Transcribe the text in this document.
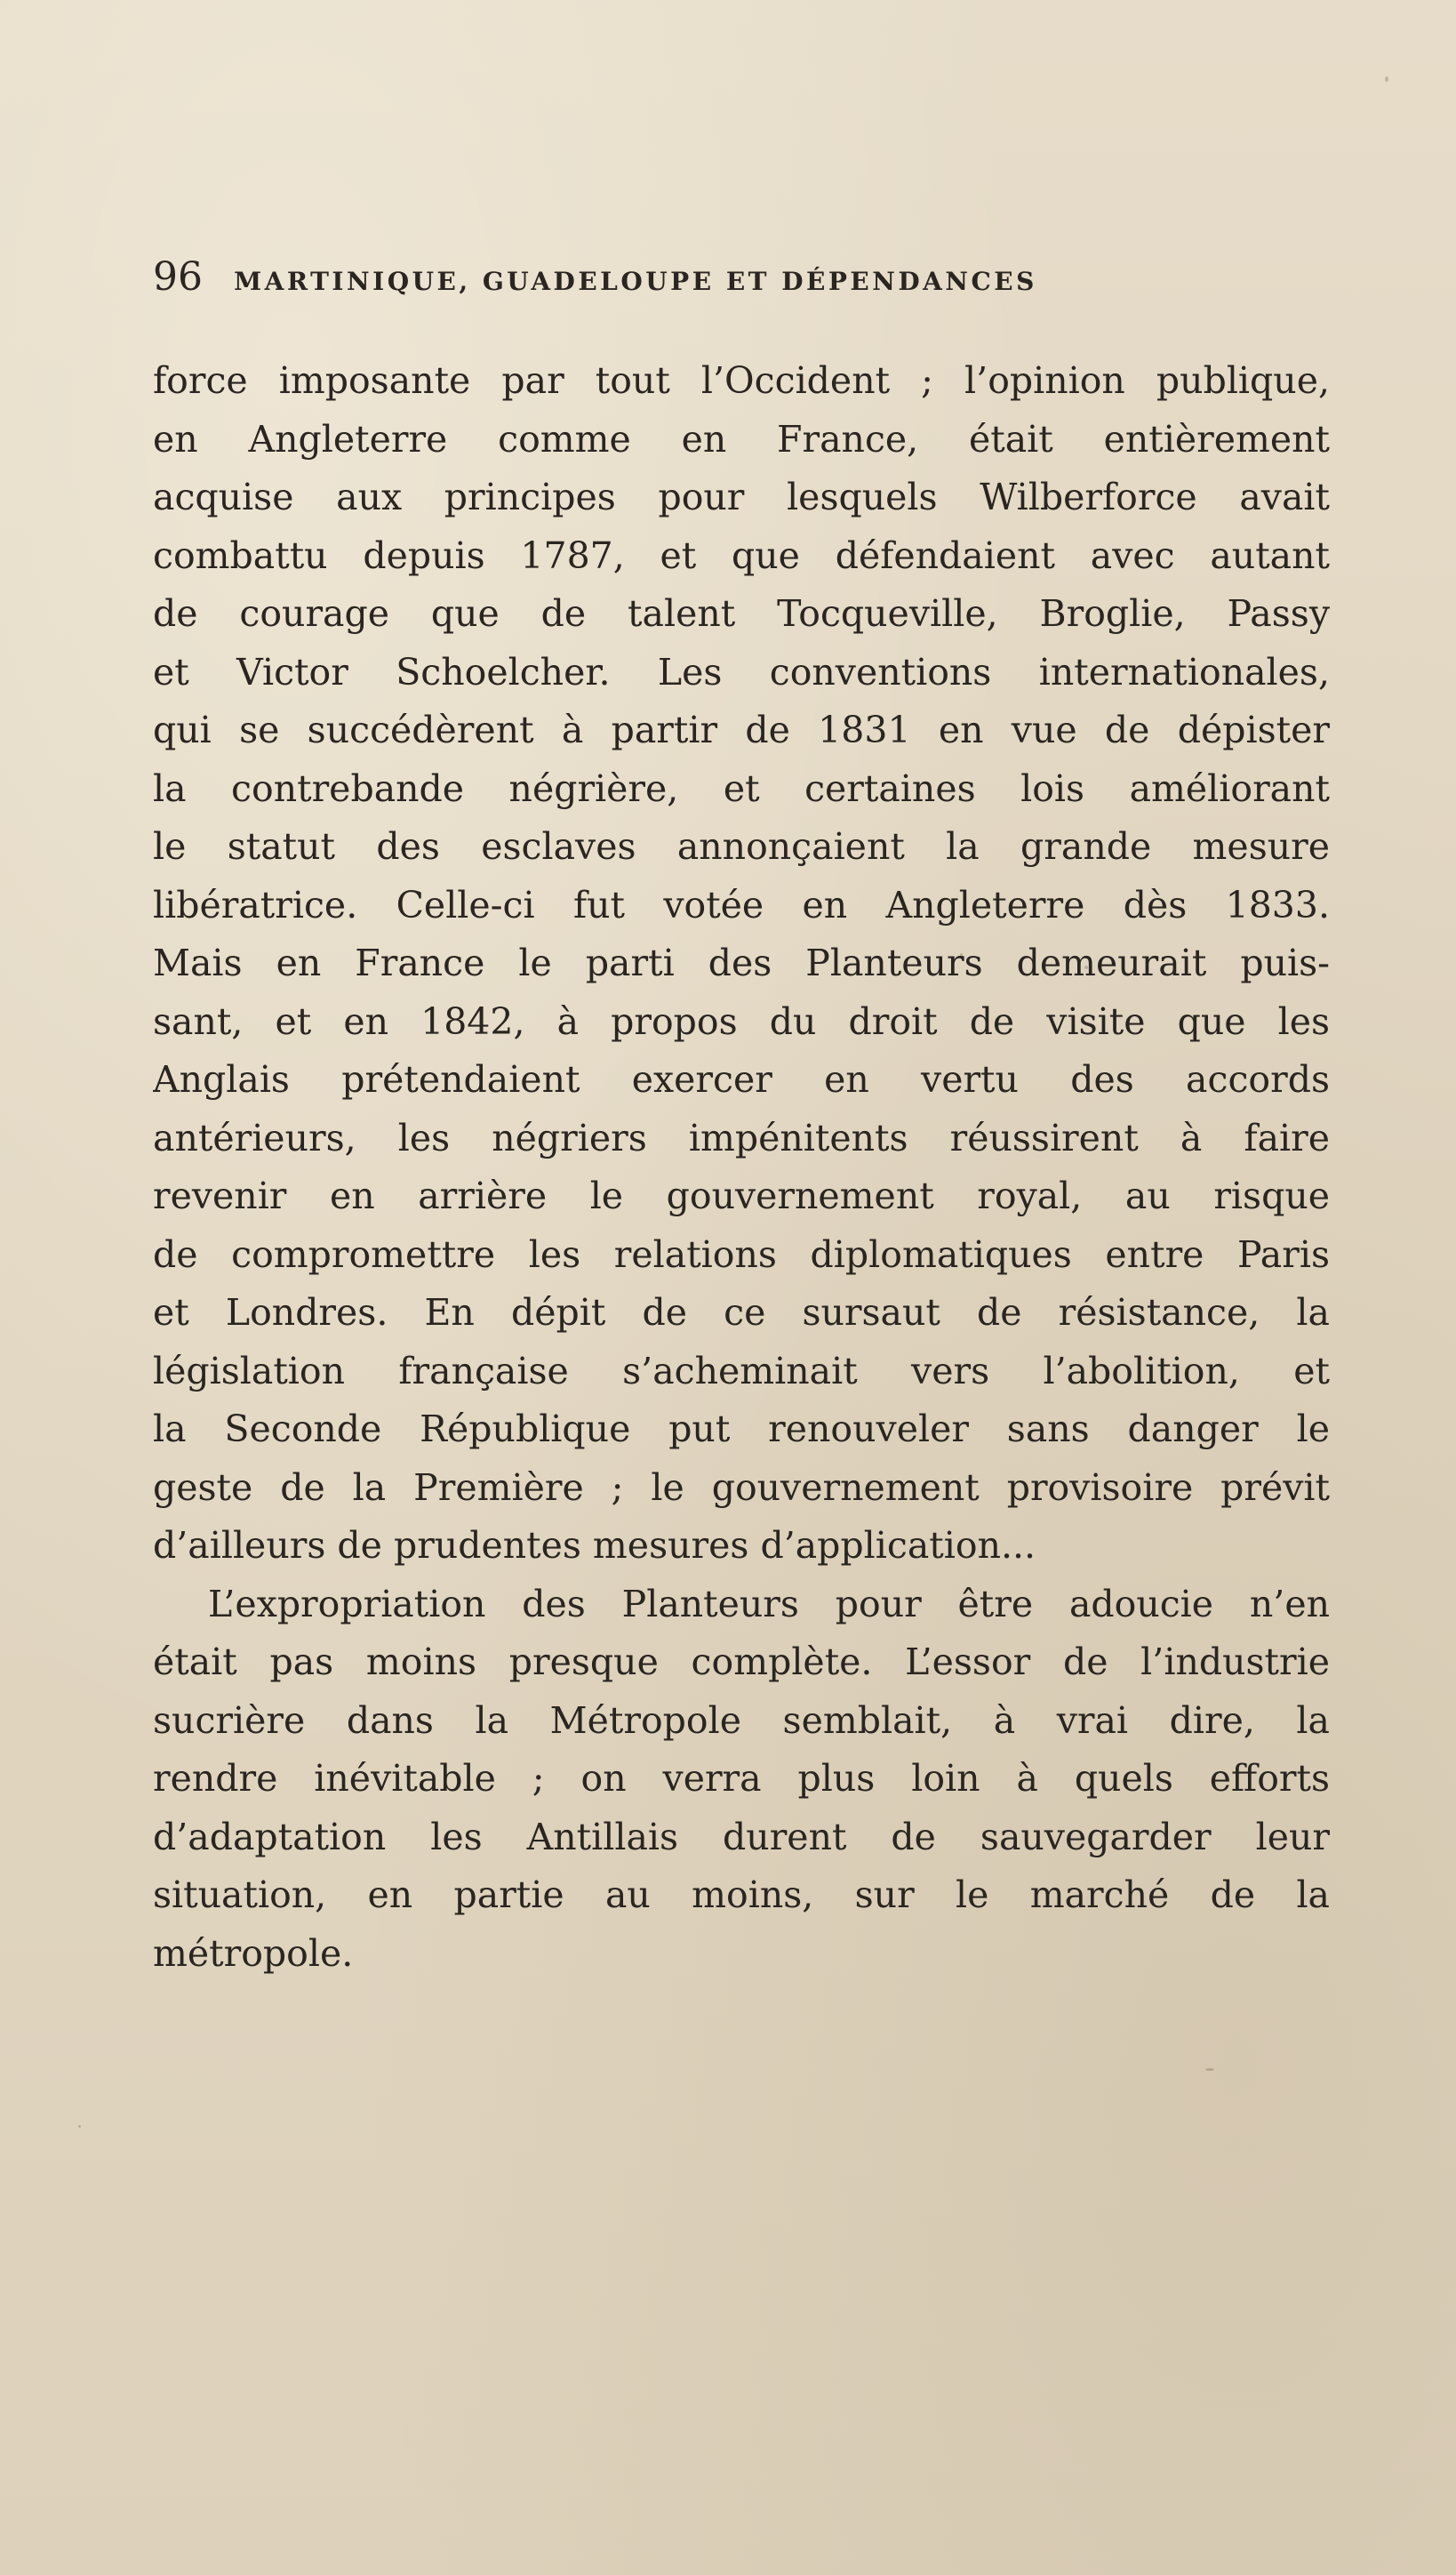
96 MARTINIQUE, GUADELOUPE ET DÉPENDANCES
force imposante par tout l’Occident ; l’opinion publique,
en Angleterre comme en France, était entièrement
acquise aux principes pour lesquels Wilberforce avait
combattu depuis 1787, et que défendaient avec autant
de courage que de talent Tocqueville, Broglie, Passy
et Victor Schoelcher. Les conventions internationales,
qui se succédèrent à partir de 1831 en vue de dépister
la contrebande négrière, et certaines lois améliorant
le statut des esclaves annonçaient la grande mesure
libératrice. Celle-ci fut votée en Angleterre dès 1833.
Mais en France le parti des Planteurs demeurait puis-
sant, et en 1842, à propos du droit de visite que les
Anglais prétendaient exercer en vertu des accords
antérieurs, les négriers impénitents réussirent à faire
revenir en arrière le gouvernement royal, au risque
de compromettre les relations diplomatiques entre Paris
et Londres. En dépit de ce sursaut de résistance, la
législation française s’acheminait vers l’abolition, et
la Seconde République put renouveler sans danger le
geste de la Première ; le gouvernement provisoire prévit
d’ailleurs de prudentes mesures d’application...
L’expropriation des Planteurs pour être adoucie n’en
était pas moins presque complète. L’essor de l’industrie
sucrière dans la Métropole semblait, à vrai dire, la
rendre inévitable ; on verra plus loin à quels efforts
d’adaptation les Antillais durent de sauvegarder leur
situation, en partie au moins, sur le marché de la
métropole.
